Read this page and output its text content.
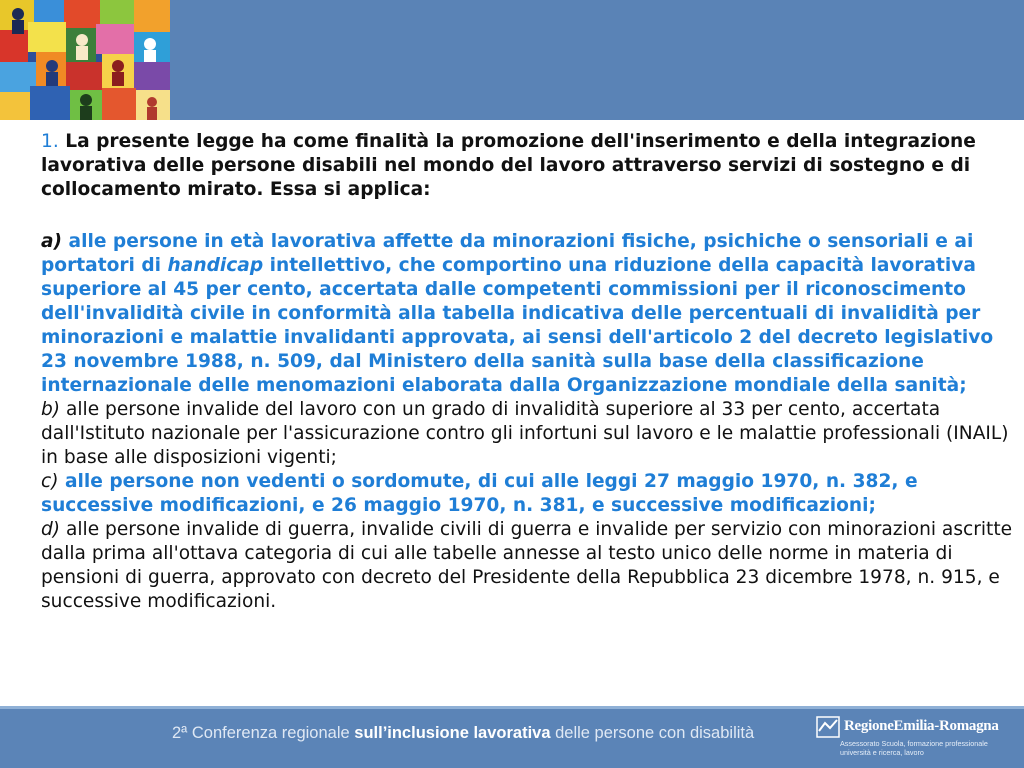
1. La presente legge ha come finalità la promozione dell'inserimento e della integrazione lavorativa delle persone disabili nel mondo del lavoro attraverso servizi di sostegno e di collocamento mirato. Essa si applica:

a) alle persone in età lavorativa affette da minorazioni fisiche, psichiche o sensoriali e ai portatori di handicap intellettivo, che comportino una riduzione della capacità lavorativa superiore al 45 per cento, accertata dalle competenti commissioni per il riconoscimento dell'invalidità civile in conformità alla tabella indicativa delle percentuali di invalidità per minorazioni e malattie invalidanti approvata, ai sensi dell'articolo 2 del decreto legislativo 23 novembre 1988, n. 509, dal Ministero della sanità sulla base della classificazione internazionale delle menomazioni elaborata dalla Organizzazione mondiale della sanità;

b) alle persone invalide del lavoro con un grado di invalidità superiore al 33 per cento, accertata dall'Istituto nazionale per l'assicurazione contro gli infortuni sul lavoro e le malattie professionali (INAIL) in base alle disposizioni vigenti;

c) alle persone non vedenti o sordomute, di cui alle leggi 27 maggio 1970, n. 382, e successive modificazioni, e 26 maggio 1970, n. 381, e successive modificazioni;

d) alle persone invalide di guerra, invalide civili di guerra e invalide per servizio con minorazioni ascritte dalla prima all'ottava categoria di cui alle tabelle annesse al testo unico delle norme in materia di pensioni di guerra, approvato con decreto del Presidente della Repubblica 23 dicembre 1978, n. 915, e successive modificazioni.

2ª Conferenza regionale sull’inclusione lavorativa delle persone con disabilità	RegioneEmilia-Romagna
Assessorato Scuola, formazione professionale
università e ricerca, lavoro
